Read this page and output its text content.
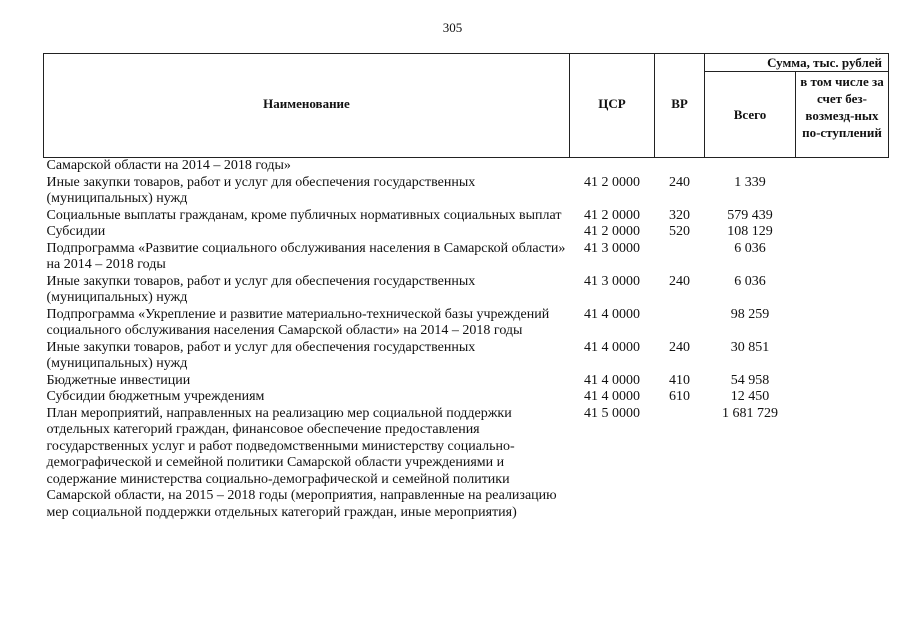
305
Наименование	ЦСР	ВР	Сумма, тыс. рублей	
			Всего	в том числе за счет без-возмезд-ных по-ступлений
Самарской области на 2014 – 2018 годы»				
Иные закупки товаров, работ и услуг для обеспечения государственных (муниципальных) нужд	41 2 0000	240	1 339	
Социальные выплаты гражданам, кроме публичных нормативных социальных выплат	41 2 0000	320	579 439	
Субсидии	41 2 0000	520	108 129	
Подпрограмма «Развитие социального обслуживания населения в Самарской области» на 2014 – 2018 годы	41 3 0000		6 036	
Иные закупки товаров, работ и услуг для обеспечения государственных (муниципальных) нужд	41 3 0000	240	6 036	
Подпрограмма «Укрепление и развитие материально-технической базы учреждений социального обслуживания населения Самарской области» на 2014 – 2018 годы	41 4 0000		98 259	
Иные закупки товаров, работ и услуг для обеспечения государственных (муниципальных) нужд	41 4 0000	240	30 851	
Бюджетные инвестиции	41 4 0000	410	54 958	
Субсидии бюджетным учреждениям	41 4 0000	610	12 450	
План мероприятий, направленных на реализацию мер социальной поддержки отдельных категорий граждан, финансовое обеспечение предоставления государственных услуг и работ подведомственными министерству социально-демографической и семейной политики Самарской области учреждениями и содержание министерства социально-демографической и семейной политики Самарской области, на 2015 – 2018 годы (мероприятия, направленные на реализацию мер социальной поддержки отдельных категорий граждан, иные мероприятия)	41 5 0000		1 681 729	
